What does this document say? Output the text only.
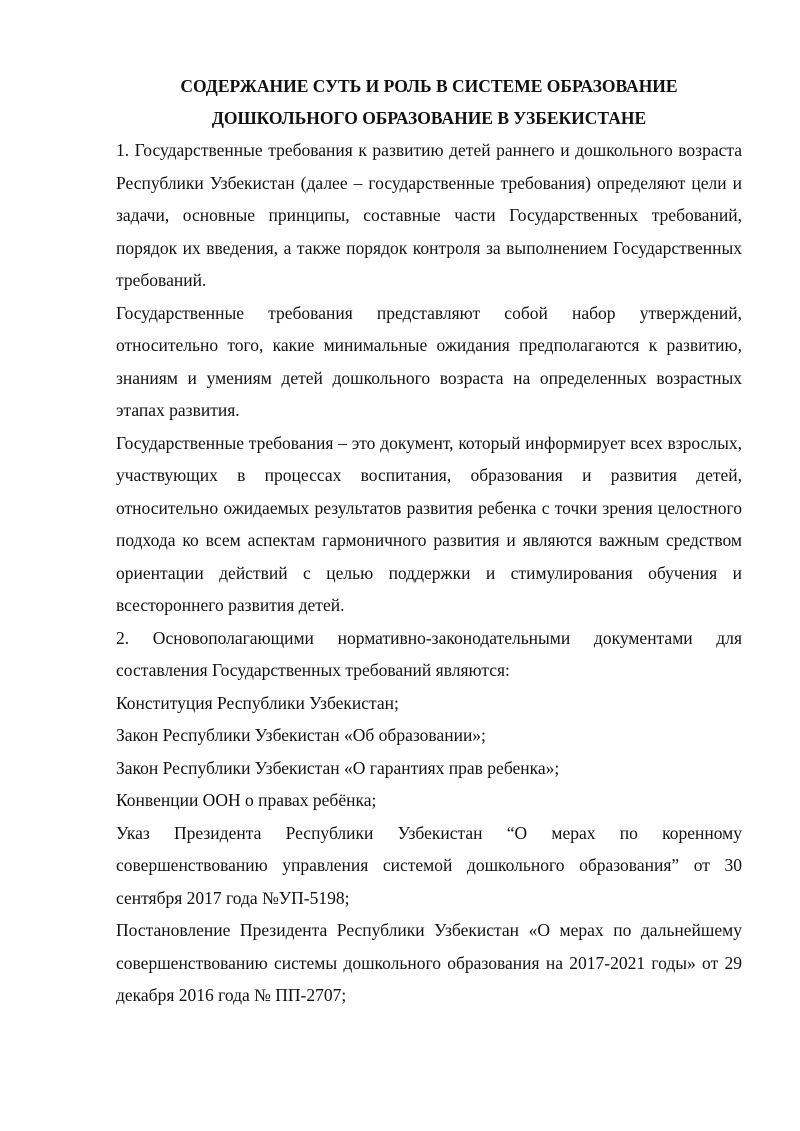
СОДЕРЖАНИЕ СУТЬ И РОЛЬ В СИСТЕМЕ ОБРАЗОВАНИЕ
ДОШКОЛЬНОГО ОБРАЗОВАНИЕ В УЗБЕКИСТАНЕ

1. Государственные требования к развитию детей раннего и дошкольного возраста Республики Узбекистан (далее – государственные требования) определяют цели и задачи, основные принципы, составные части Государственных требований, порядок их введения, а также порядок контроля за выполнением Государственных требований.

Государственные требования представляют собой набор утверждений, относительно того, какие минимальные ожидания предполагаются к развитию, знаниям и умениям детей дошкольного возраста на определенных возрастных этапах развития.

Государственные требования – это документ, который информирует всех взрослых, участвующих в процессах воспитания, образования и развития детей, относительно ожидаемых результатов развития ребенка с точки зрения целостного подхода ко всем аспектам гармоничного развития и являются важным средством ориентации действий с целью поддержки и стимулирования обучения и всестороннего развития детей.

2. Основополагающими нормативно-законодательными документами для составления Государственных требований являются:

Конституция Республики Узбекистан;

Закон Республики Узбекистан «Об образовании»;

Закон Республики Узбекистан «О гарантиях прав ребенка»;

Конвенции ООН о правах ребёнка;

Указ Президента Республики Узбекистан “О мерах по коренному совершенствованию управления системой дошкольного образования” от 30 сентября 2017 года №УП-5198;

Постановление Президента Республики Узбекистан «О мерах по дальнейшему совершенствованию системы дошкольного образования на 2017-2021 годы» от 29 декабря 2016 года № ПП-2707;
